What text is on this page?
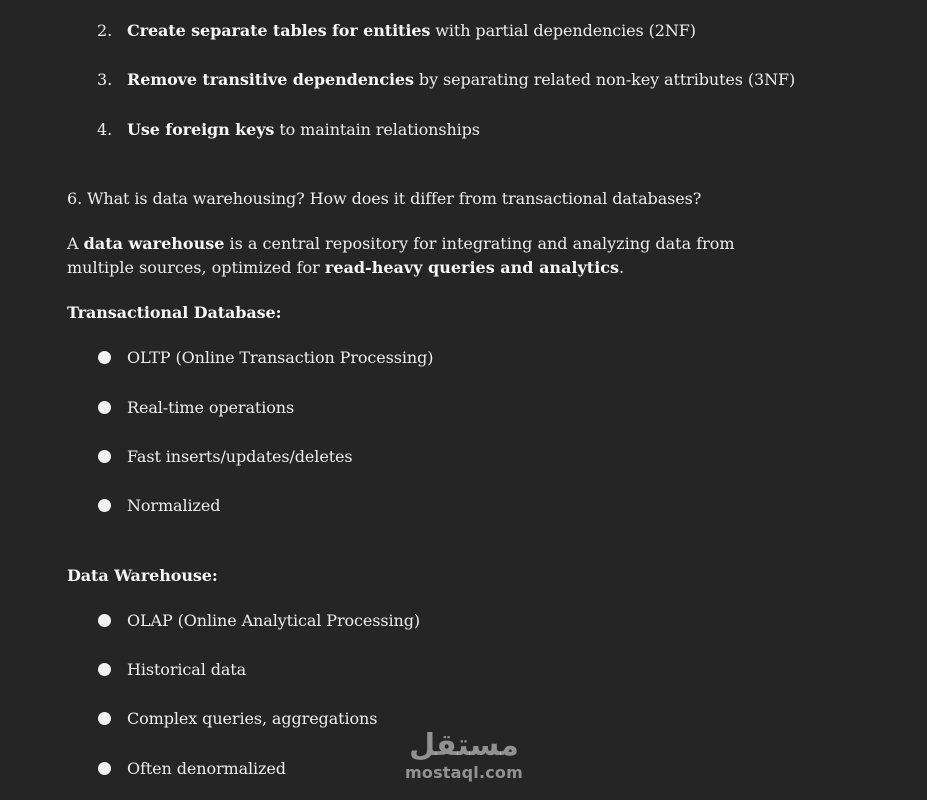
2. Create separate tables for entities with partial dependencies (2NF)
3. Remove transitive dependencies by separating related non-key attributes (3NF)
4. Use foreign keys to maintain relationships
6. What is data warehousing? How does it differ from transactional databases?
A data warehouse is a central repository for integrating and analyzing data from multiple sources, optimized for read-heavy queries and analytics.
Transactional Database:
OLTP (Online Transaction Processing)
Real-time operations
Fast inserts/updates/deletes
Normalized
Data Warehouse:
OLAP (Online Analytical Processing)
Historical data
Complex queries, aggregations
Often denormalized
مستقل
mostaql.com
